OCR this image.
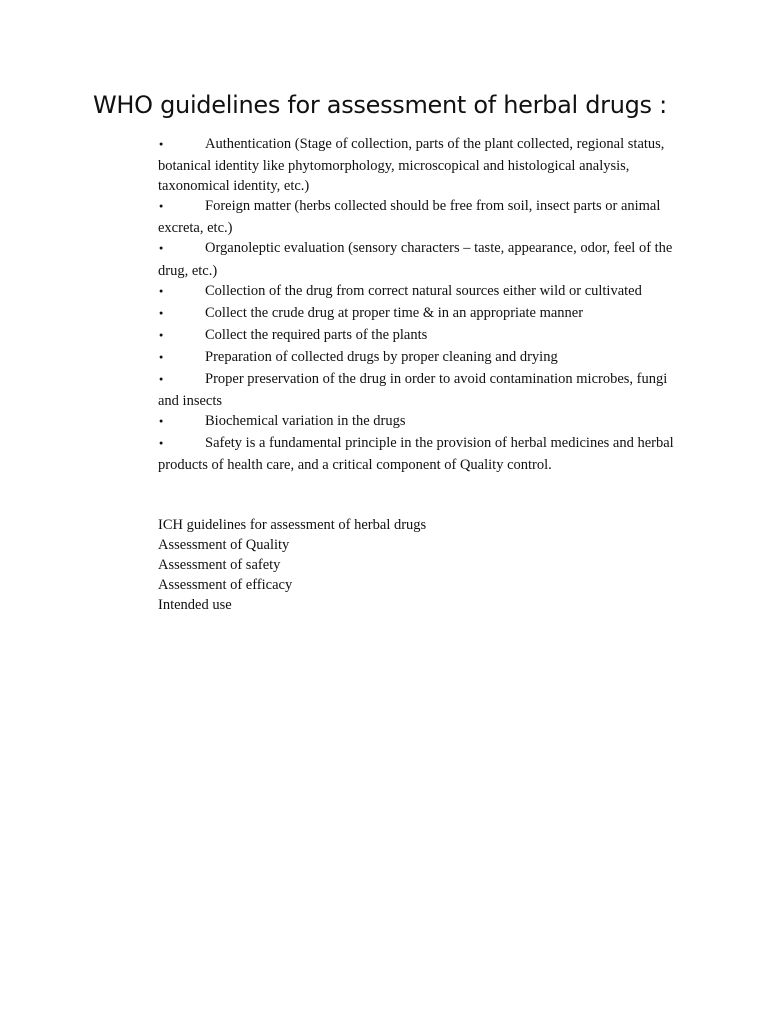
WHO guidelines for assessment of herbal drugs :
●Authentication (Stage of collection, parts of the plant collected, regional status, botanical identity like phytomorphology, microscopical and histological analysis, taxonomical identity, etc.)
●Foreign matter (herbs collected should be free from soil, insect parts or animal excreta, etc.)
●Organoleptic evaluation (sensory characters – taste, appearance, odor, feel of the drug, etc.)
●Collection of the drug from correct natural sources either wild or cultivated
●Collect the crude drug at proper time & in an appropriate manner
●Collect the required parts of the plants
●Preparation of collected drugs by proper cleaning and drying
●Proper preservation of the drug in order to avoid contamination microbes, fungi and insects
●Biochemical variation in the drugs
●Safety is a fundamental principle in the provision of herbal medicines and herbal products of health care, and a critical component of Quality control.

ICH guidelines for assessment of herbal drugs

Assessment of Quality

Assessment of safety

Assessment of efficacy

Intended use
